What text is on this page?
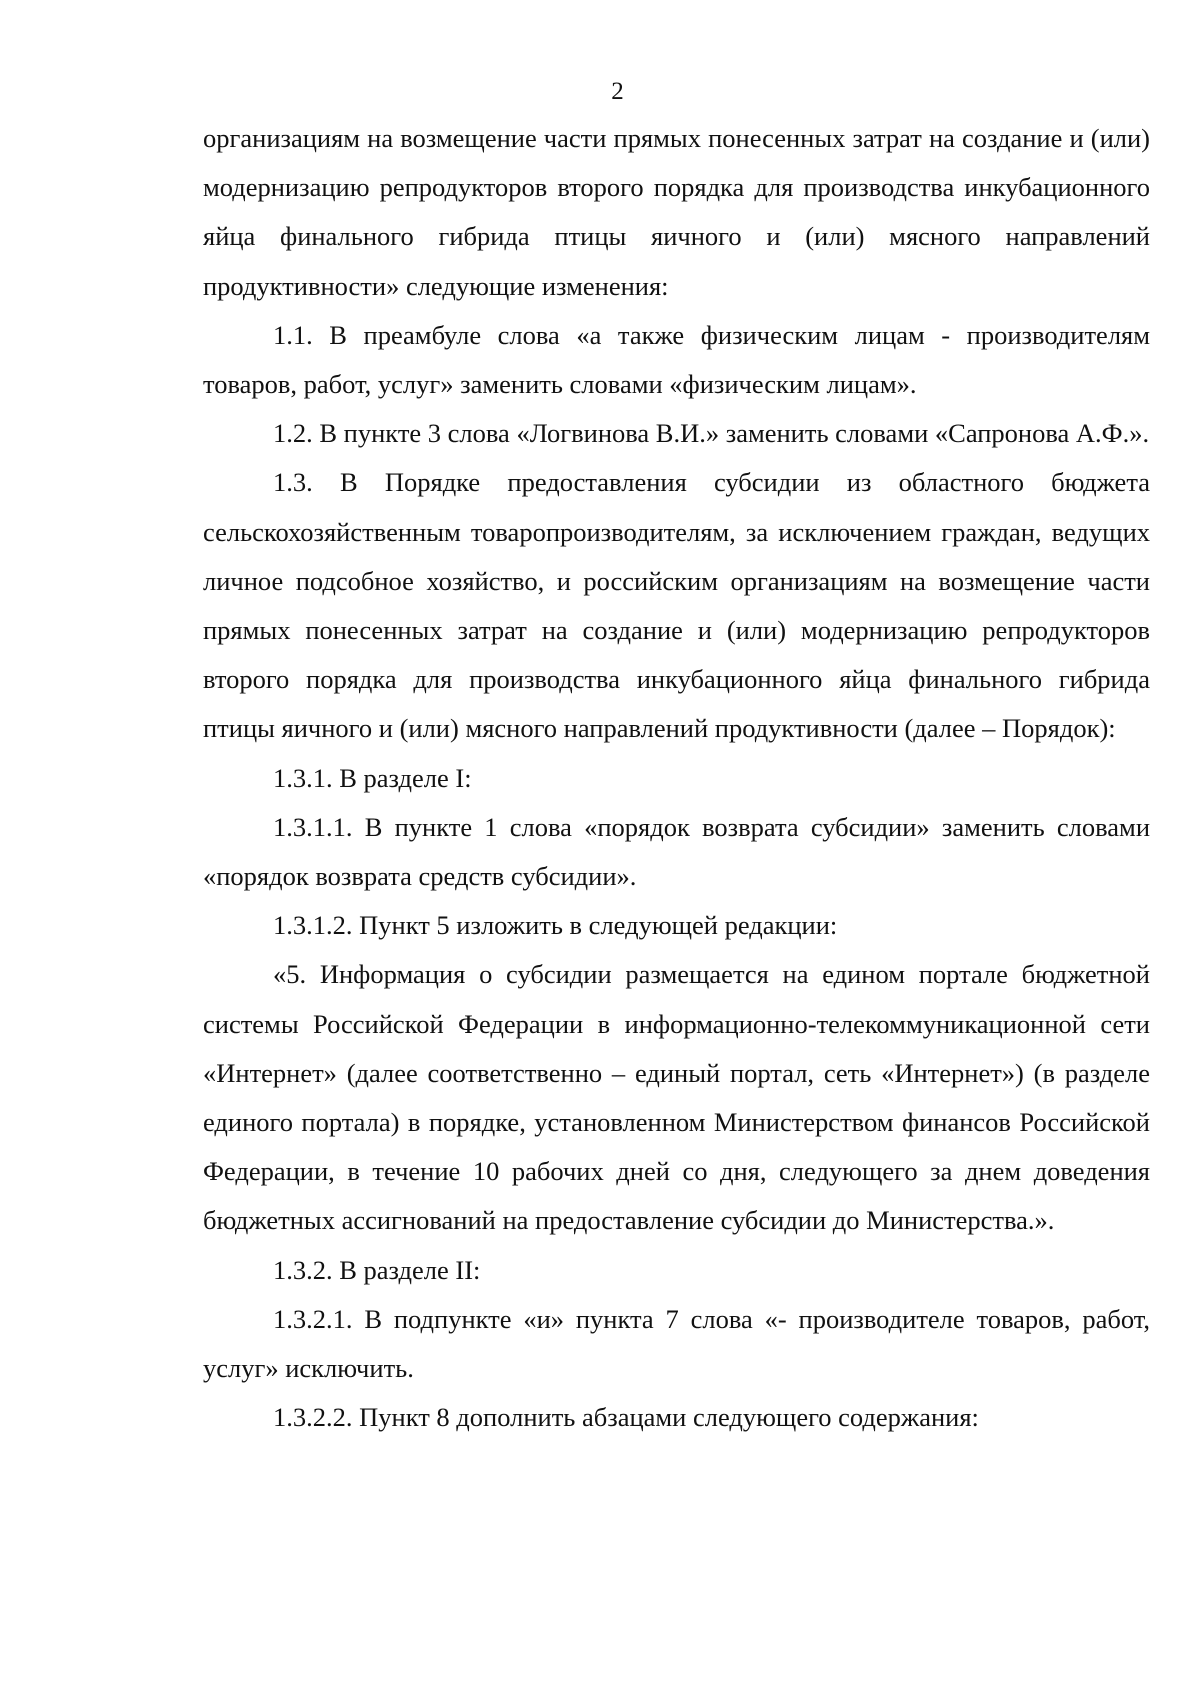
2

организациям на возмещение части прямых понесенных затрат на создание и (или) модернизацию репродукторов второго порядка для производства инкубационного яйца финального гибрида птицы яичного и (или) мясного направлений продуктивности» следующие изменения:

1.1. В преамбуле слова «а также физическим лицам - производителям товаров, работ, услуг» заменить словами «физическим лицам».

1.2. В пункте 3 слова «Логвинова В.И.» заменить словами «Сапронова А.Ф.».

1.3. В Порядке предоставления субсидии из областного бюджета сельскохозяйственным товаропроизводителям, за исключением граждан, ведущих личное подсобное хозяйство, и российским организациям на возмещение части прямых понесенных затрат на создание и (или) модернизацию репродукторов второго порядка для производства инкубационного яйца финального гибрида птицы яичного и (или) мясного направлений продуктивности (далее – Порядок):

1.3.1. В разделе I:

1.3.1.1. В пункте 1 слова «порядок возврата субсидии» заменить словами «порядок возврата средств субсидии».

1.3.1.2. Пункт 5 изложить в следующей редакции:

«5. Информация о субсидии размещается на едином портале бюджетной системы Российской Федерации в информационно-телекоммуникационной сети «Интернет» (далее соответственно – единый портал, сеть «Интернет») (в разделе единого портала) в порядке, установленном Министерством финансов Российской Федерации, в течение 10 рабочих дней со дня, следующего за днем доведения бюджетных ассигнований на предоставление субсидии до Министерства.».

1.3.2. В разделе II:

1.3.2.1. В подпункте «и» пункта 7 слова «- производителе товаров, работ, услуг» исключить.

1.3.2.2. Пункт 8 дополнить абзацами следующего содержания:
